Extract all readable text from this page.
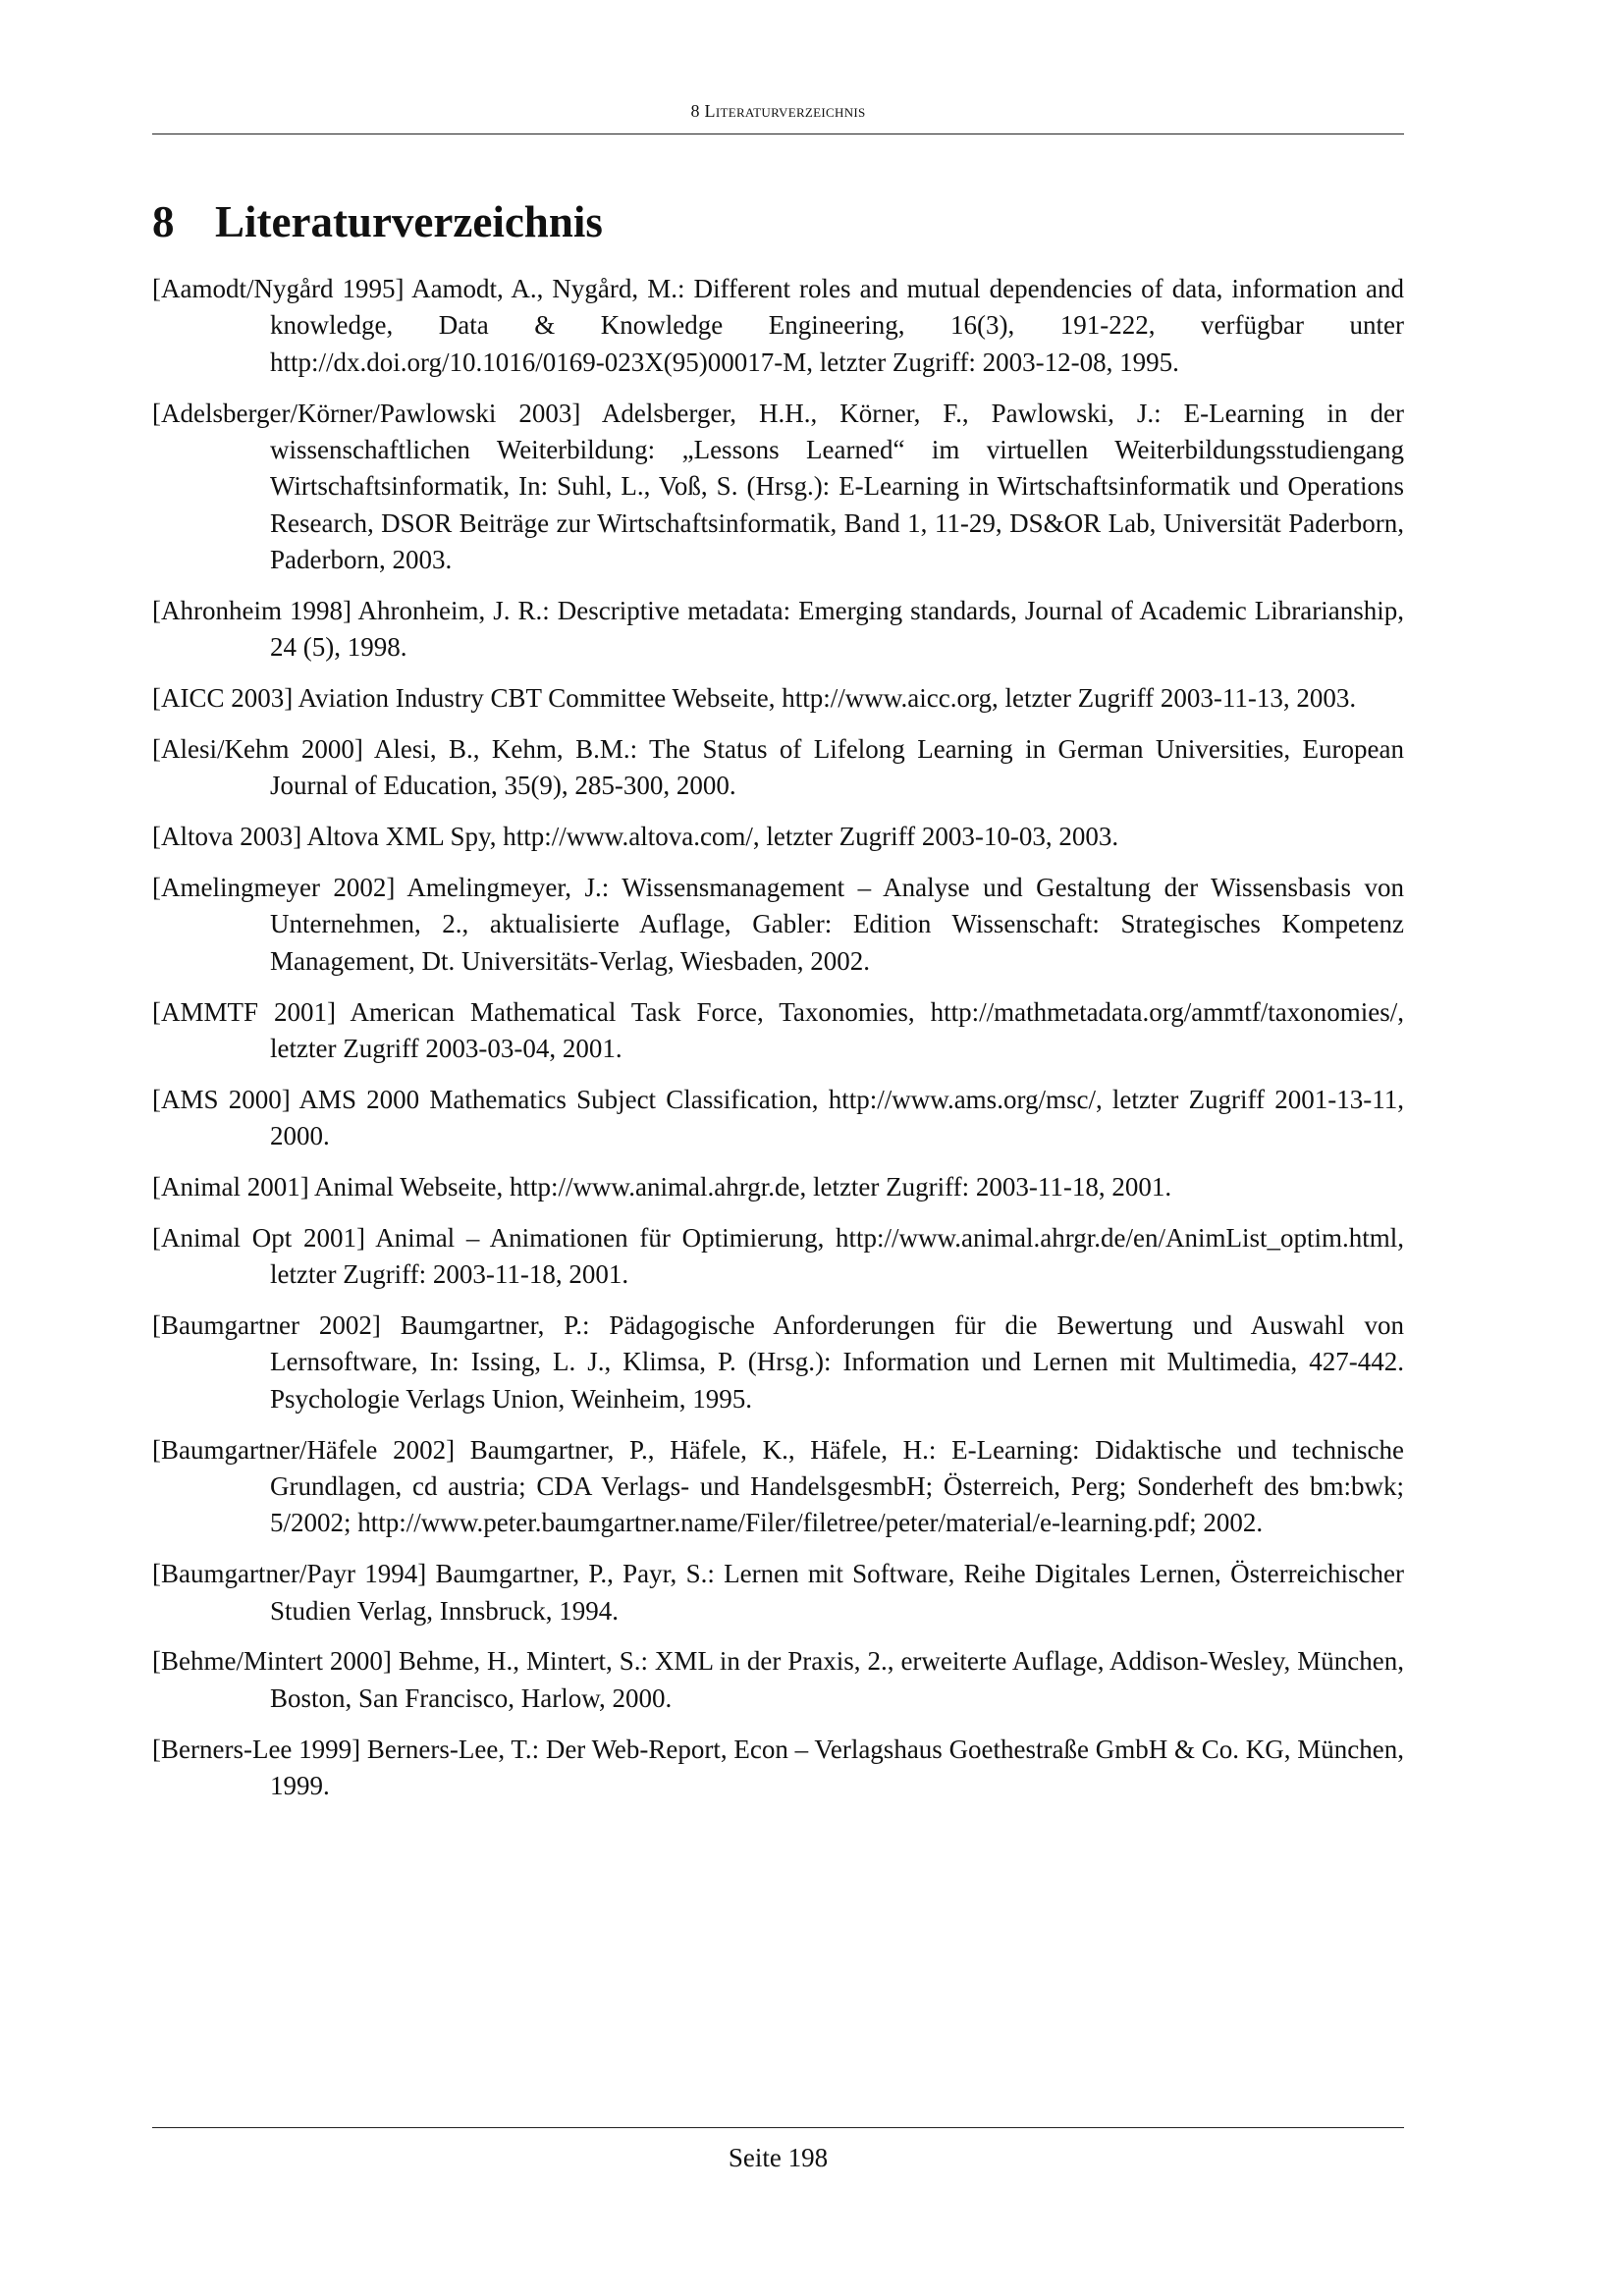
8 Literaturverzeichnis
8 Literaturverzeichnis
[Aamodt/Nygård 1995] Aamodt, A., Nygård, M.: Different roles and mutual dependencies of data, information and knowledge, Data & Knowledge Engineering, 16(3), 191-222, verfügbar unter http://dx.doi.org/10.1016/0169-023X(95)00017-M, letzter Zugriff: 2003-12-08, 1995.
[Adelsberger/Körner/Pawlowski 2003] Adelsberger, H.H., Körner, F., Pawlowski, J.: E-Learning in der wissenschaftlichen Weiterbildung: „Lessons Learned“ im virtuellen Weiterbildungsstudiengang Wirtschaftsinformatik, In: Suhl, L., Voß, S. (Hrsg.): E-Learning in Wirtschaftsinformatik und Operations Research, DSOR Beiträge zur Wirtschaftsinformatik, Band 1, 11-29, DS&OR Lab, Universität Paderborn, Paderborn, 2003.
[Ahronheim 1998] Ahronheim, J. R.: Descriptive metadata: Emerging standards, Journal of Academic Librarianship, 24 (5), 1998.
[AICC 2003] Aviation Industry CBT Committee Webseite, http://www.aicc.org, letzter Zugriff 2003-11-13, 2003.
[Alesi/Kehm 2000] Alesi, B., Kehm, B.M.: The Status of Lifelong Learning in German Universities, European Journal of Education, 35(9), 285-300, 2000.
[Altova 2003] Altova XML Spy, http://www.altova.com/, letzter Zugriff 2003-10-03, 2003.
[Amelingmeyer 2002] Amelingmeyer, J.: Wissensmanagement – Analyse und Gestaltung der Wissensbasis von Unternehmen, 2., aktualisierte Auflage, Gabler: Edition Wissenschaft: Strategisches Kompetenz Management, Dt. Universitäts-Verlag, Wiesbaden, 2002.
[AMMTF 2001] American Mathematical Task Force, Taxonomies, http://mathmetadata.org/ammtf/taxonomies/, letzter Zugriff 2003-03-04, 2001.
[AMS 2000] AMS 2000 Mathematics Subject Classification, http://www.ams.org/msc/, letzter Zugriff 2001-13-11, 2000.
[Animal 2001] Animal Webseite, http://www.animal.ahrgr.de, letzter Zugriff: 2003-11-18, 2001.
[Animal Opt 2001] Animal – Animationen für Optimierung, http://www.animal.ahrgr.de/en/AnimList_optim.html, letzter Zugriff: 2003-11-18, 2001.
[Baumgartner 2002] Baumgartner, P.: Pädagogische Anforderungen für die Bewertung und Auswahl von Lernsoftware, In: Issing, L. J., Klimsa, P. (Hrsg.): Information und Lernen mit Multimedia, 427-442. Psychologie Verlags Union, Weinheim, 1995.
[Baumgartner/Häfele 2002] Baumgartner, P., Häfele, K., Häfele, H.: E-Learning: Didaktische und technische Grundlagen, cd austria; CDA Verlags- und HandelsgesmbH; Österreich, Perg; Sonderheft des bm:bwk; 5/2002; http://www.peter.baumgartner.name/Filer/filetree/peter/material/e-learning.pdf; 2002.
[Baumgartner/Payr 1994] Baumgartner, P., Payr, S.: Lernen mit Software, Reihe Digitales Lernen, Österreichischer Studien Verlag, Innsbruck, 1994.
[Behme/Mintert 2000] Behme, H., Mintert, S.: XML in der Praxis, 2., erweiterte Auflage, Addison-Wesley, München, Boston, San Francisco, Harlow, 2000.
[Berners-Lee 1999] Berners-Lee, T.: Der Web-Report, Econ – Verlagshaus Goethestraße GmbH & Co. KG, München, 1999.
Seite 198
